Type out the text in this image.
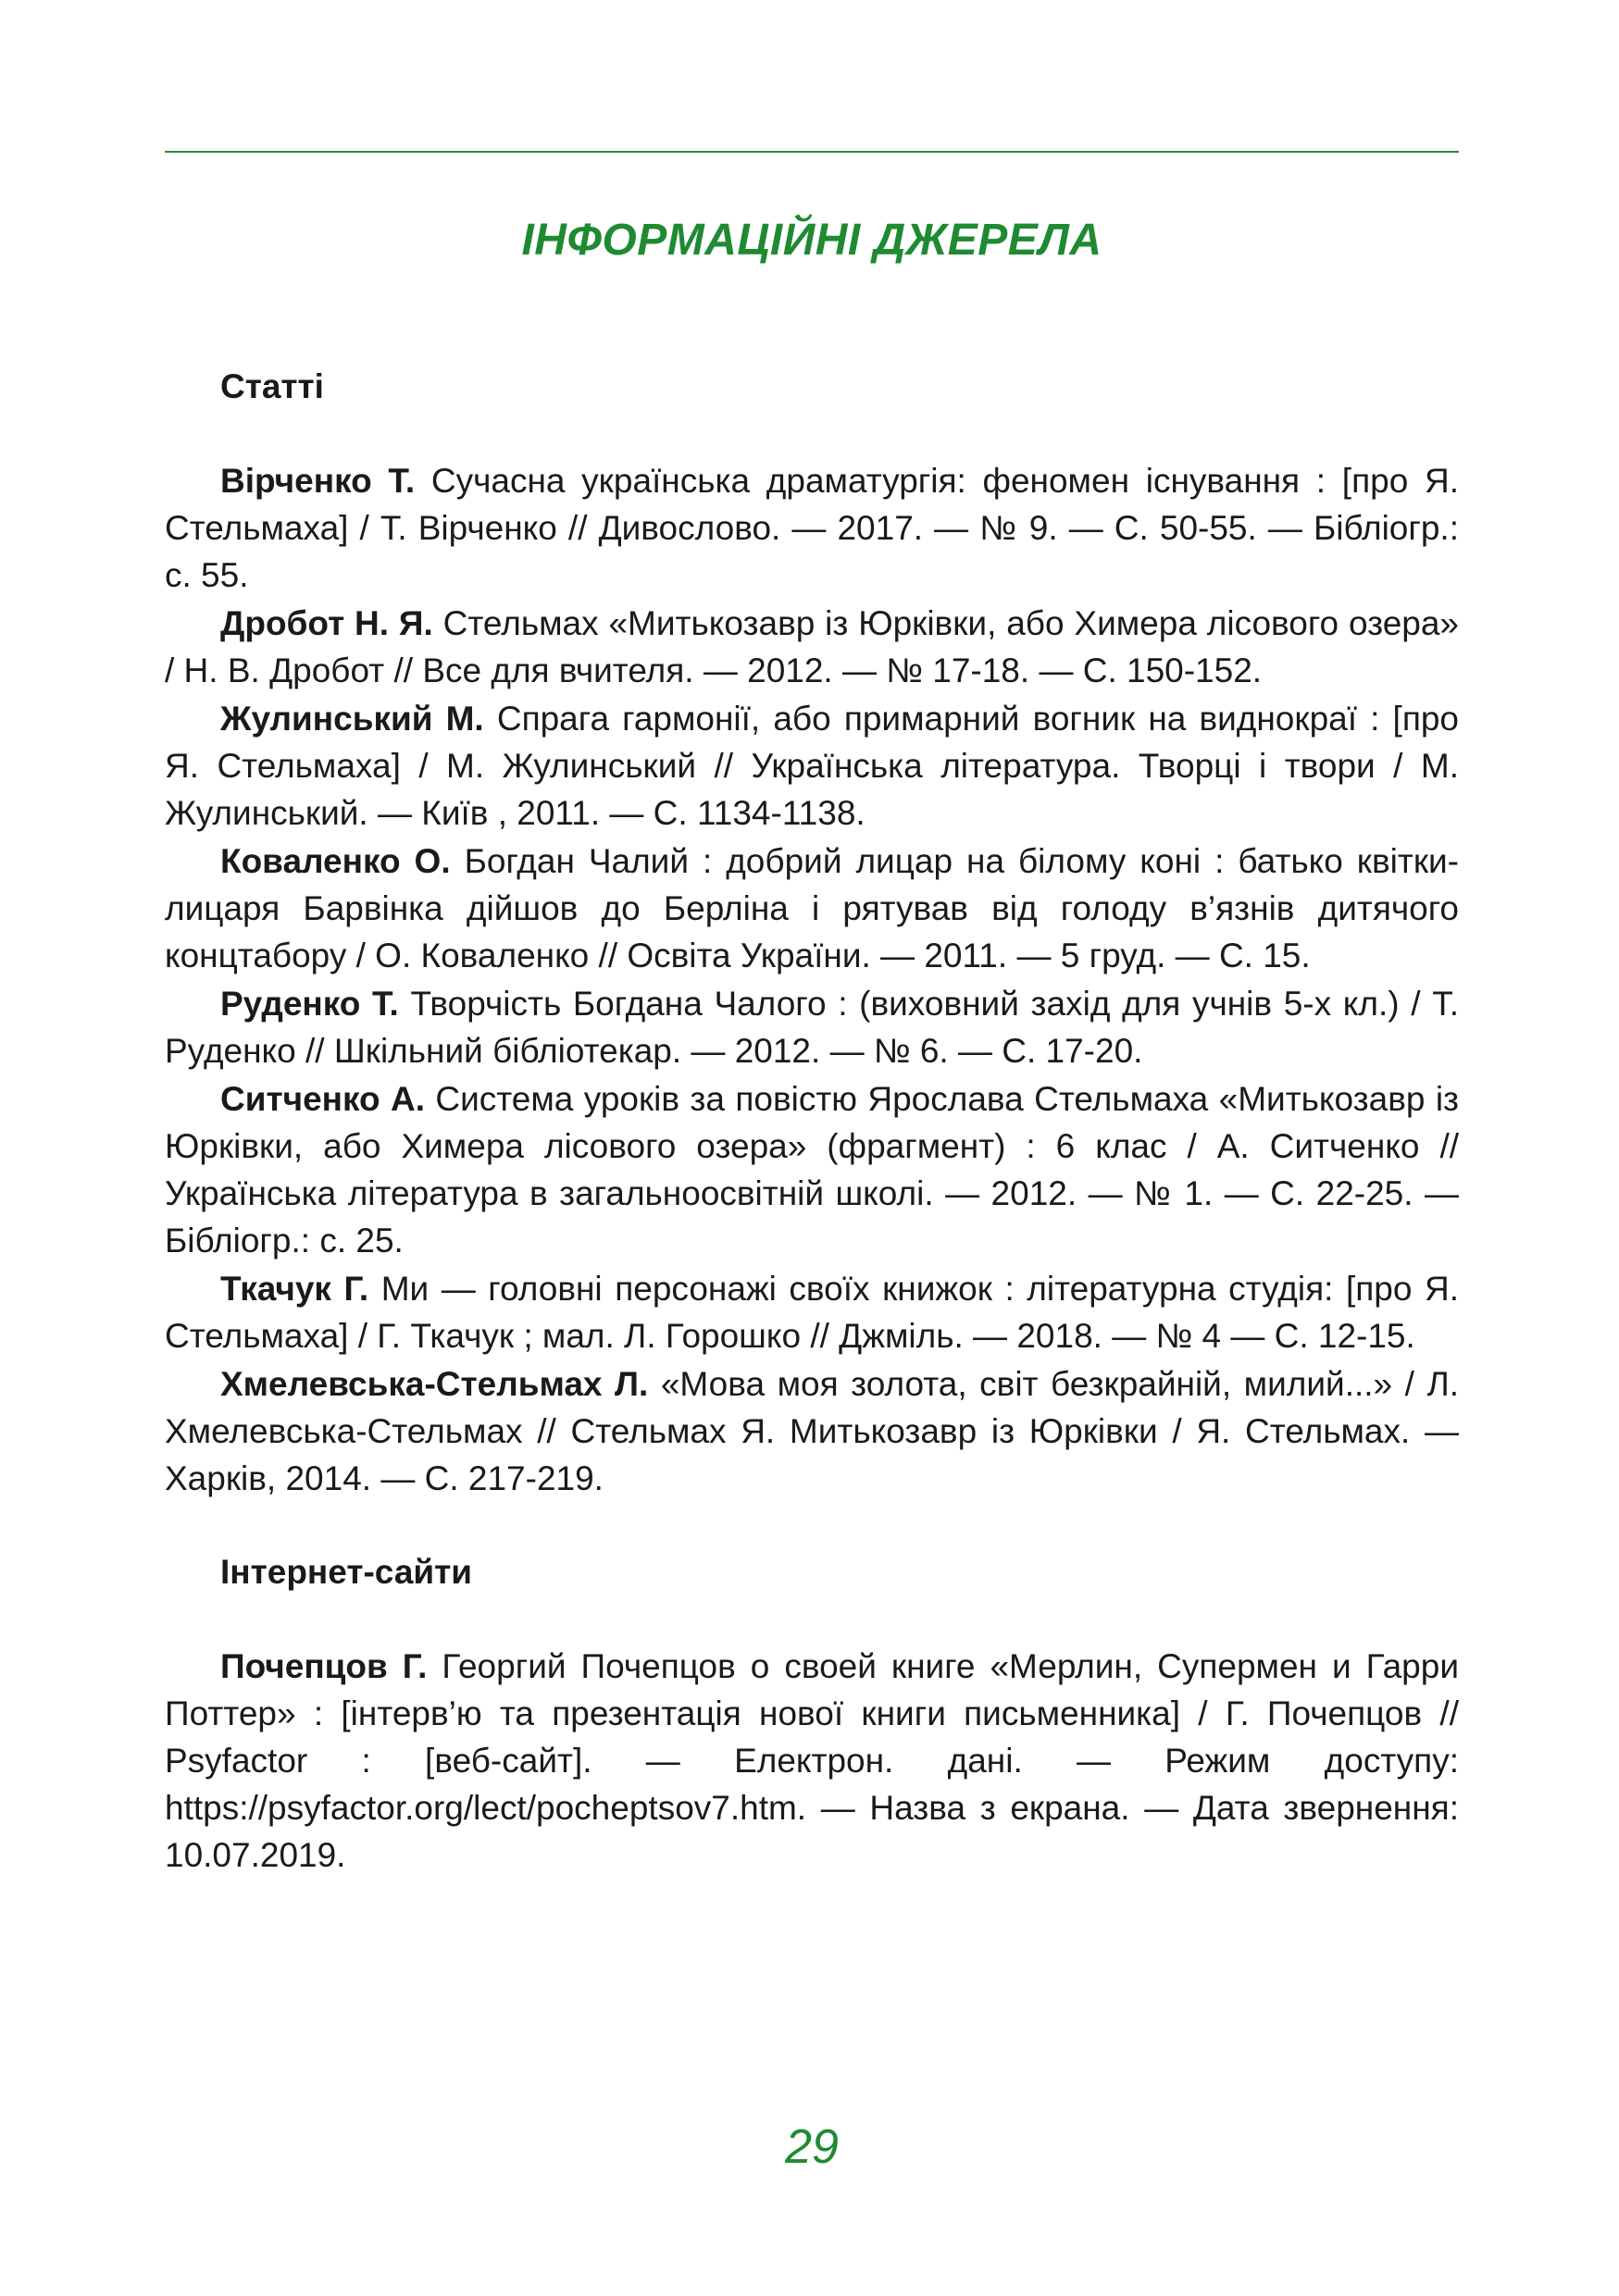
ІНФОРМАЦІЙНІ ДЖЕРЕЛА
Статті

Вірченко Т. Сучасна українська драматургія: феномен існування : [про Я. Стельмаха] / Т. Вірченко // Дивослово. — 2017. — № 9. — С. 50-55. — Бібліогр.: с. 55.

Дробот Н. Я. Стельмах «Митькозавр із Юрківки, або Химера лісового озера» / Н. В. Дробот // Все для вчителя. — 2012. — № 17-18. — С. 150-152.

Жулинський М. Спрага гармонії, або примарний вогник на виднокраї : [про Я. Стельмаха] / М. Жулинський // Українська література. Творці і твори / М. Жулинський. — Київ , 2011. — С. 1134-1138.

Коваленко О. Богдан Чалий : добрий лицар на білому коні : батько квітки-лицаря Барвінка дійшов до Берліна і рятував від голоду в’язнів дитячого концтабору / О. Коваленко // Освіта України. — 2011. — 5 груд. — С. 15.

Руденко Т. Творчість Богдана Чалого : (виховний захід для учнів 5-х кл.) / Т. Руденко // Шкільний бібліотекар. — 2012. — № 6. — С. 17-20.

Ситченко А. Система уроків за повістю Ярослава Стельмаха «Митькозавр із Юрківки, або Химера лісового озера» (фрагмент) : 6 клас / А. Ситченко // Українська література в загальноосвітній школі. — 2012. — № 1. — С. 22-25. — Бібліогр.: с. 25.

Ткачук Г. Ми — головні персонажі своїх книжок : літературна студія: [про Я. Стельмаха] / Г. Ткачук ; мал. Л. Горошко // Джміль. — 2018. — № 4 — С. 12-15.

Хмелевська-Стельмах Л. «Мова моя золота, світ безкрайній, милий...» / Л. Хмелевська-Стельмах // Стельмах Я. Митькозавр із Юрківки / Я. Стельмах. — Харків, 2014. — С. 217-219.

Інтернет-сайти

Почепцов Г. Георгий Почепцов о своей книге «Мерлин, Супермен и Гарри Поттер» : [інтерв’ю та презентація нової книги письменника] / Г. Почепцов // Psyfactor : [веб-сайт]. — Електрон. дані. — Режим доступу: https://psyfactor.org/lect/pocheptsov7.htm. — Назва з екрана. — Дата звернення: 10.07.2019.

29
